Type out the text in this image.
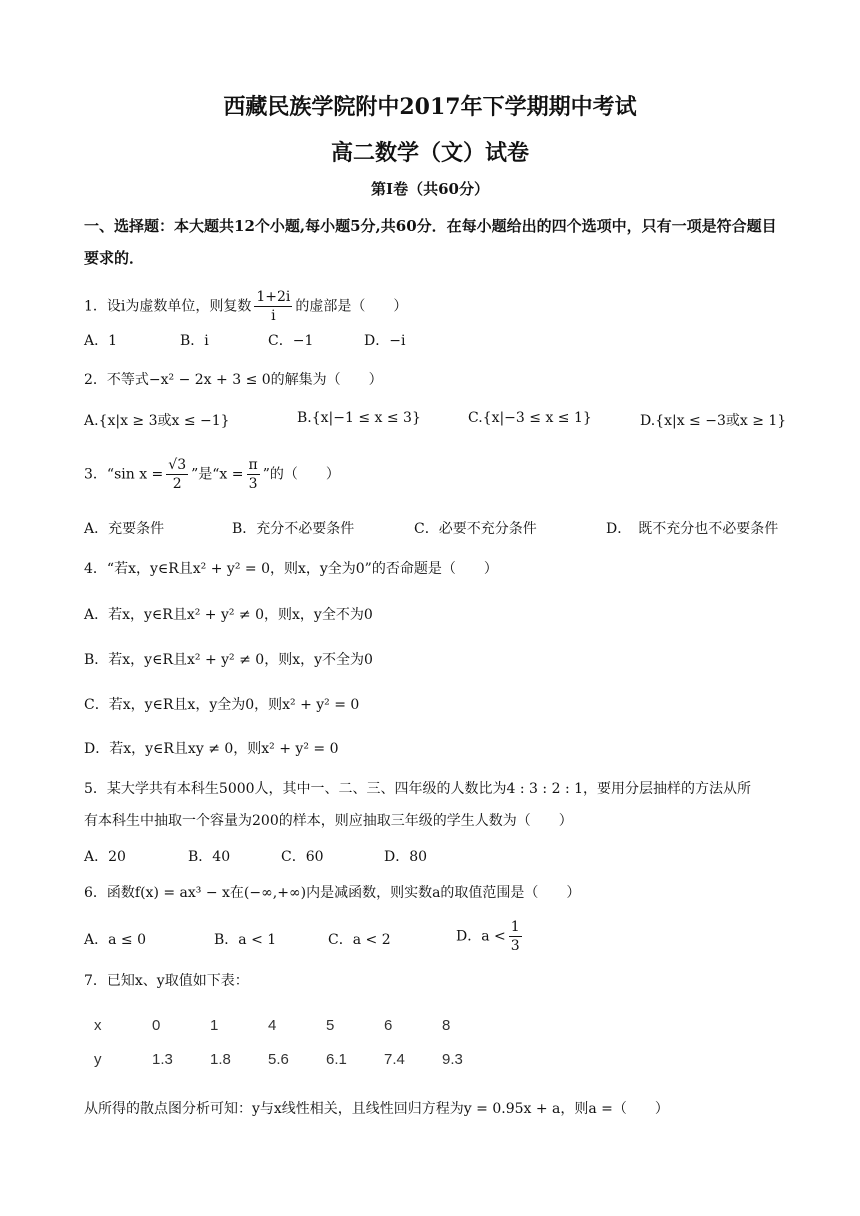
西藏民族学院附中2017年下学期期中考试
高二数学（文）试卷
第Ⅰ卷（共60分）
一、选择题：本大题共12个小题,每小题5分,共60分．在每小题给出的四个选项中，只有一项是符合题目要求的．
1．设i为虚数单位，则复数 $\frac{1+2i}{i}$ 的虚部是（　　）
A．1	B．i	C．−1	D．−i
2．不等式−x² − 2x + 3 ≤ 0的解集为（　　）
A.{x|x ≥ 3或x ≤ −1}	B.{x|−1 ≤ x ≤ 3}	C.{x|−3 ≤ x ≤ 1}	D.{x|x ≤ −3或x ≥ 1}
3．“sin $x = \frac{√3}{2}$ ”是“$x = \frac{\pi}{3}$ ”的（　　）
A．充要条件	B．充分不必要条件	C．必要不充分条件	D．　既不充分也不必要条件
4．“若x，y∈R且x² + y² = 0，则x，y全为0”的否命题是（　　）
A．若x，y∈R且x² + y² ≠ 0，则x，y全不为0
B．若x，y∈R且x² + y² ≠ 0，则x，y不全为0
C．若x，y∈R且x，y全为0，则x² + y² = 0
D．若x，y∈R且xy ≠ 0，则x² + y² = 0
5．某大学共有本科生5000人，其中一、二、三、四年级的人数比为4 : 3 : 2 : 1，要用分层抽样的方法从所
有本科生中抽取一个容量为200的样本，则应抽取三年级的学生人数为（　　）
A．20	B．40	C．60	D．80
6．函数f(x) = ax³ − x在(−∞,+∞)内是减函数，则实数a的取值范围是（　　）
A．a ≤ 0	B．a < 1	C．a < 2	D．$a < \frac{1}{3}$
7．已知x、y取值如下表：
x	0	1	4	5	6	8
y	1.3	1.8	5.6	6.1	7.4	9.3
从所得的散点图分析可知：y与x线性相关，且线性回归方程为y = 0.95x + a，则a =（　　）
